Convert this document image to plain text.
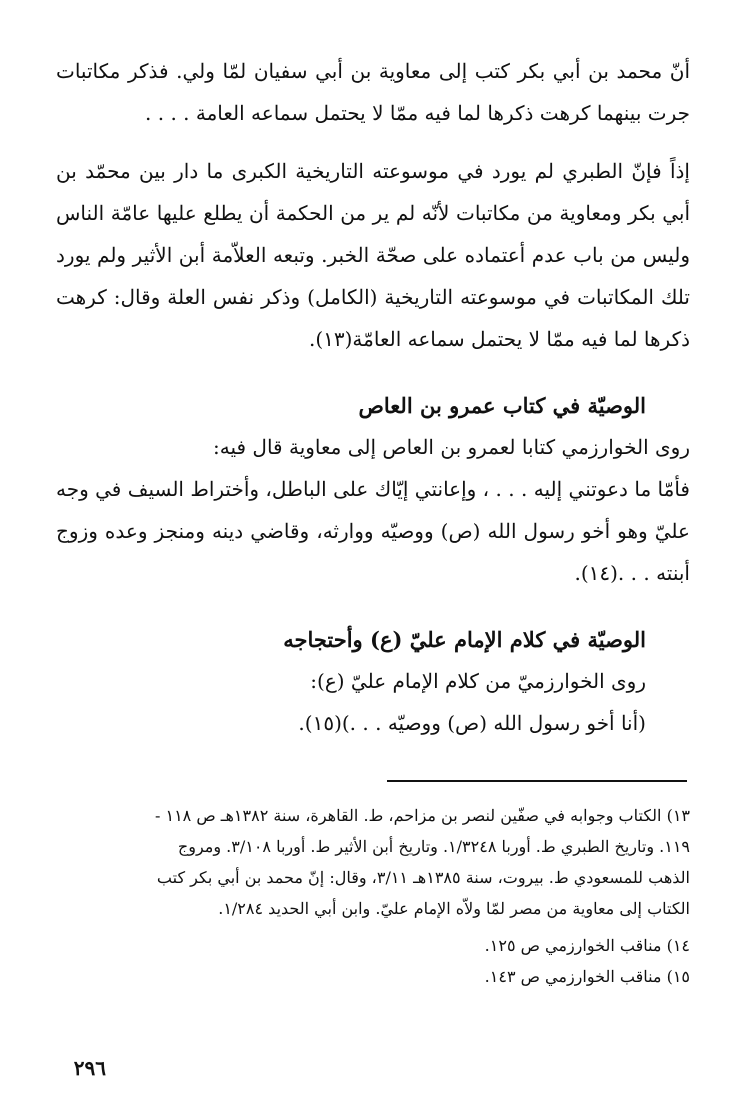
أنّ محمد بن أبي بكر كتب إلى معاوية بن أبي سفيان لمّا ولي. فذكر مكاتبات جرت بينهما كرهت ذكرها لما فيه ممّا لا يحتمل سماعه العامة . . . .

إذاً فإنّ الطبري لم يورد في موسوعته التاريخية الكبرى ما دار بين محمّد بن أبي بكر ومعاوية من مكاتبات لأنّه لم ير من الحكمة أن يطلع عليها عامّة الناس وليس من باب عدم أعتماده على صحّة الخبر. وتبعه العلاّمة أبن الأثير ولم يورد تلك المكاتبات في موسوعته التاريخية (الكامل) وذكر نفس العلة وقال: كرهت ذكرها لما فيه ممّا لا يحتمل سماعه العامّة(١٣).

الوصيّة في كتاب عمرو بن العاص

روى الخوارزمي كتابا لعمرو بن العاص إلى معاوية قال فيه:

فأمّا ما دعوتني إليه . . . ، وإعانتي إيّاك على الباطل، وأختراط السيف في وجه عليّ وهو أخو رسول الله (ص) ووصيّه ووارثه، وقاضي دينه ومنجز وعده وزوج أبنته . . .(١٤).

الوصيّة في كلام الإمام عليّ (ع) وأحتجاجه

روى الخوارزميّ من كلام الإمام عليّ (ع):

(أنا أخو رسول الله (ص) ووصيّه . . .)(١٥).

١٣) الكتاب وجوابه في صفّين لنصر بن مزاحم، ط. القاهرة، سنة ١٣٨٢هـ ص ١١٨ -
١١٩. وتاريخ الطبري ط. أوربا ١/٣٢٤٨. وتاريخ أبن الأثير ط. أوربا ٣/١٠٨. ومروج
الذهب للمسعودي ط. بيروت، سنة ١٣٨٥هـ ٣/١١، وقال: إنّ محمد بن أبي بكر كتب
الكتاب إلى معاوية من مصر لمّا ولاّه الإمام عليّ. وابن أبي الحديد ١/٢٨٤.
١٤) مناقب الخوارزمي ص ١٢٥.
١٥) مناقب الخوارزمي ص ١٤٣.
٢٩٦
